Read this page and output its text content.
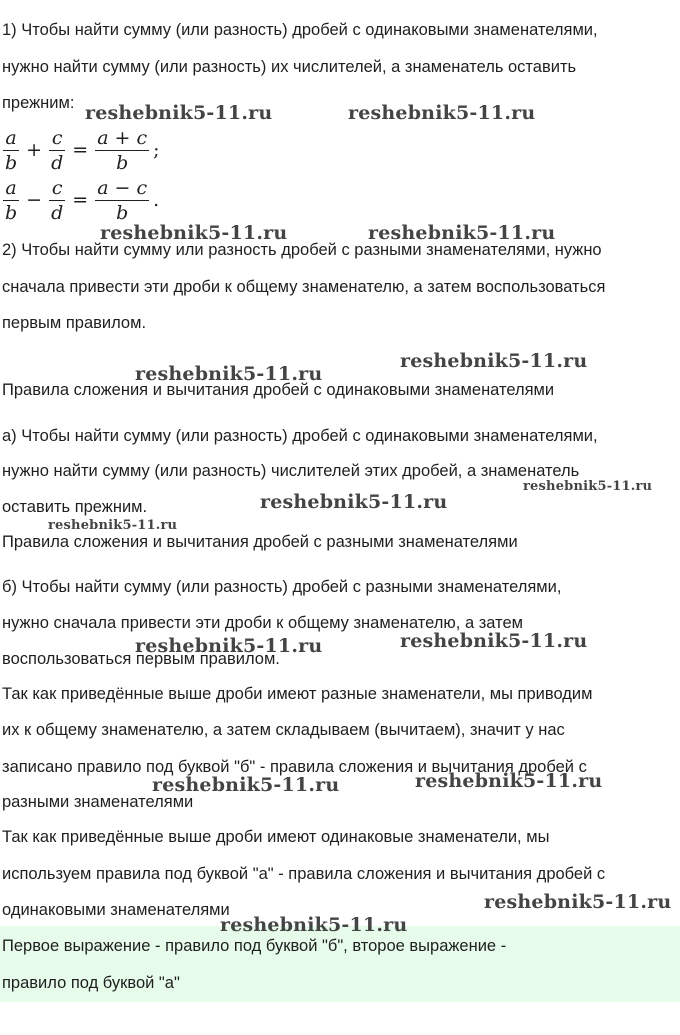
1) Чтобы найти сумму (или разность) дробей с одинаковыми знаменателями,
нужно найти сумму (или разность) их числителей, а знаменатель оставить
прежним:
$\frac{a}{b} + \frac{c}{d} = \frac{a + c}{b}$ ;
$\frac{a}{b} - \frac{c}{d} = \frac{a - c}{b}$ .
2) Чтобы найти сумму или разность дробей с разными знаменателями, нужно
сначала привести эти дроби к общему знаменателю, а затем воспользоваться
первым правилом.
Правила сложения и вычитания дробей с одинаковыми знаменателями
а) Чтобы найти сумму (или разность) дробей с одинаковыми знаменателями,
нужно найти сумму (или разность) числителей этих дробей, а знаменатель
оставить прежним.
Правила сложения и вычитания дробей с разными знаменателями
б) Чтобы найти сумму (или разность) дробей с разными знаменателями,
нужно сначала привести эти дроби к общему знаменателю, а затем
воспользоваться первым правилом.
Так как приведённые выше дроби имеют разные знаменатели, мы приводим
их к общему знаменателю, а затем складываем (вычитаем), значит у нас
записано правило под буквой "б" - правила сложения и вычитания дробей с
разными знаменателями
Так как приведённые выше дроби имеют одинаковые знаменатели, мы
используем правила под буквой "а" - правила сложения и вычитания дробей с
одинаковыми знаменателями
Первое выражение - правило под буквой "б", второе выражение -
правило под буквой "а"
reshebnik5-11.ru	reshebnik5-11.ru
reshebnik5-11.ru	reshebnik5-11.ru
reshebnik5-11.ru
reshebnik5-11.ru
reshebnik5-11.ru
reshebnik5-11.ru
reshebnik5-11.ru
reshebnik5-11.ru	reshebnik5-11.ru
reshebnik5-11.ru	reshebnik5-11.ru
reshebnik5-11.ru
reshebnik5-11.ru
